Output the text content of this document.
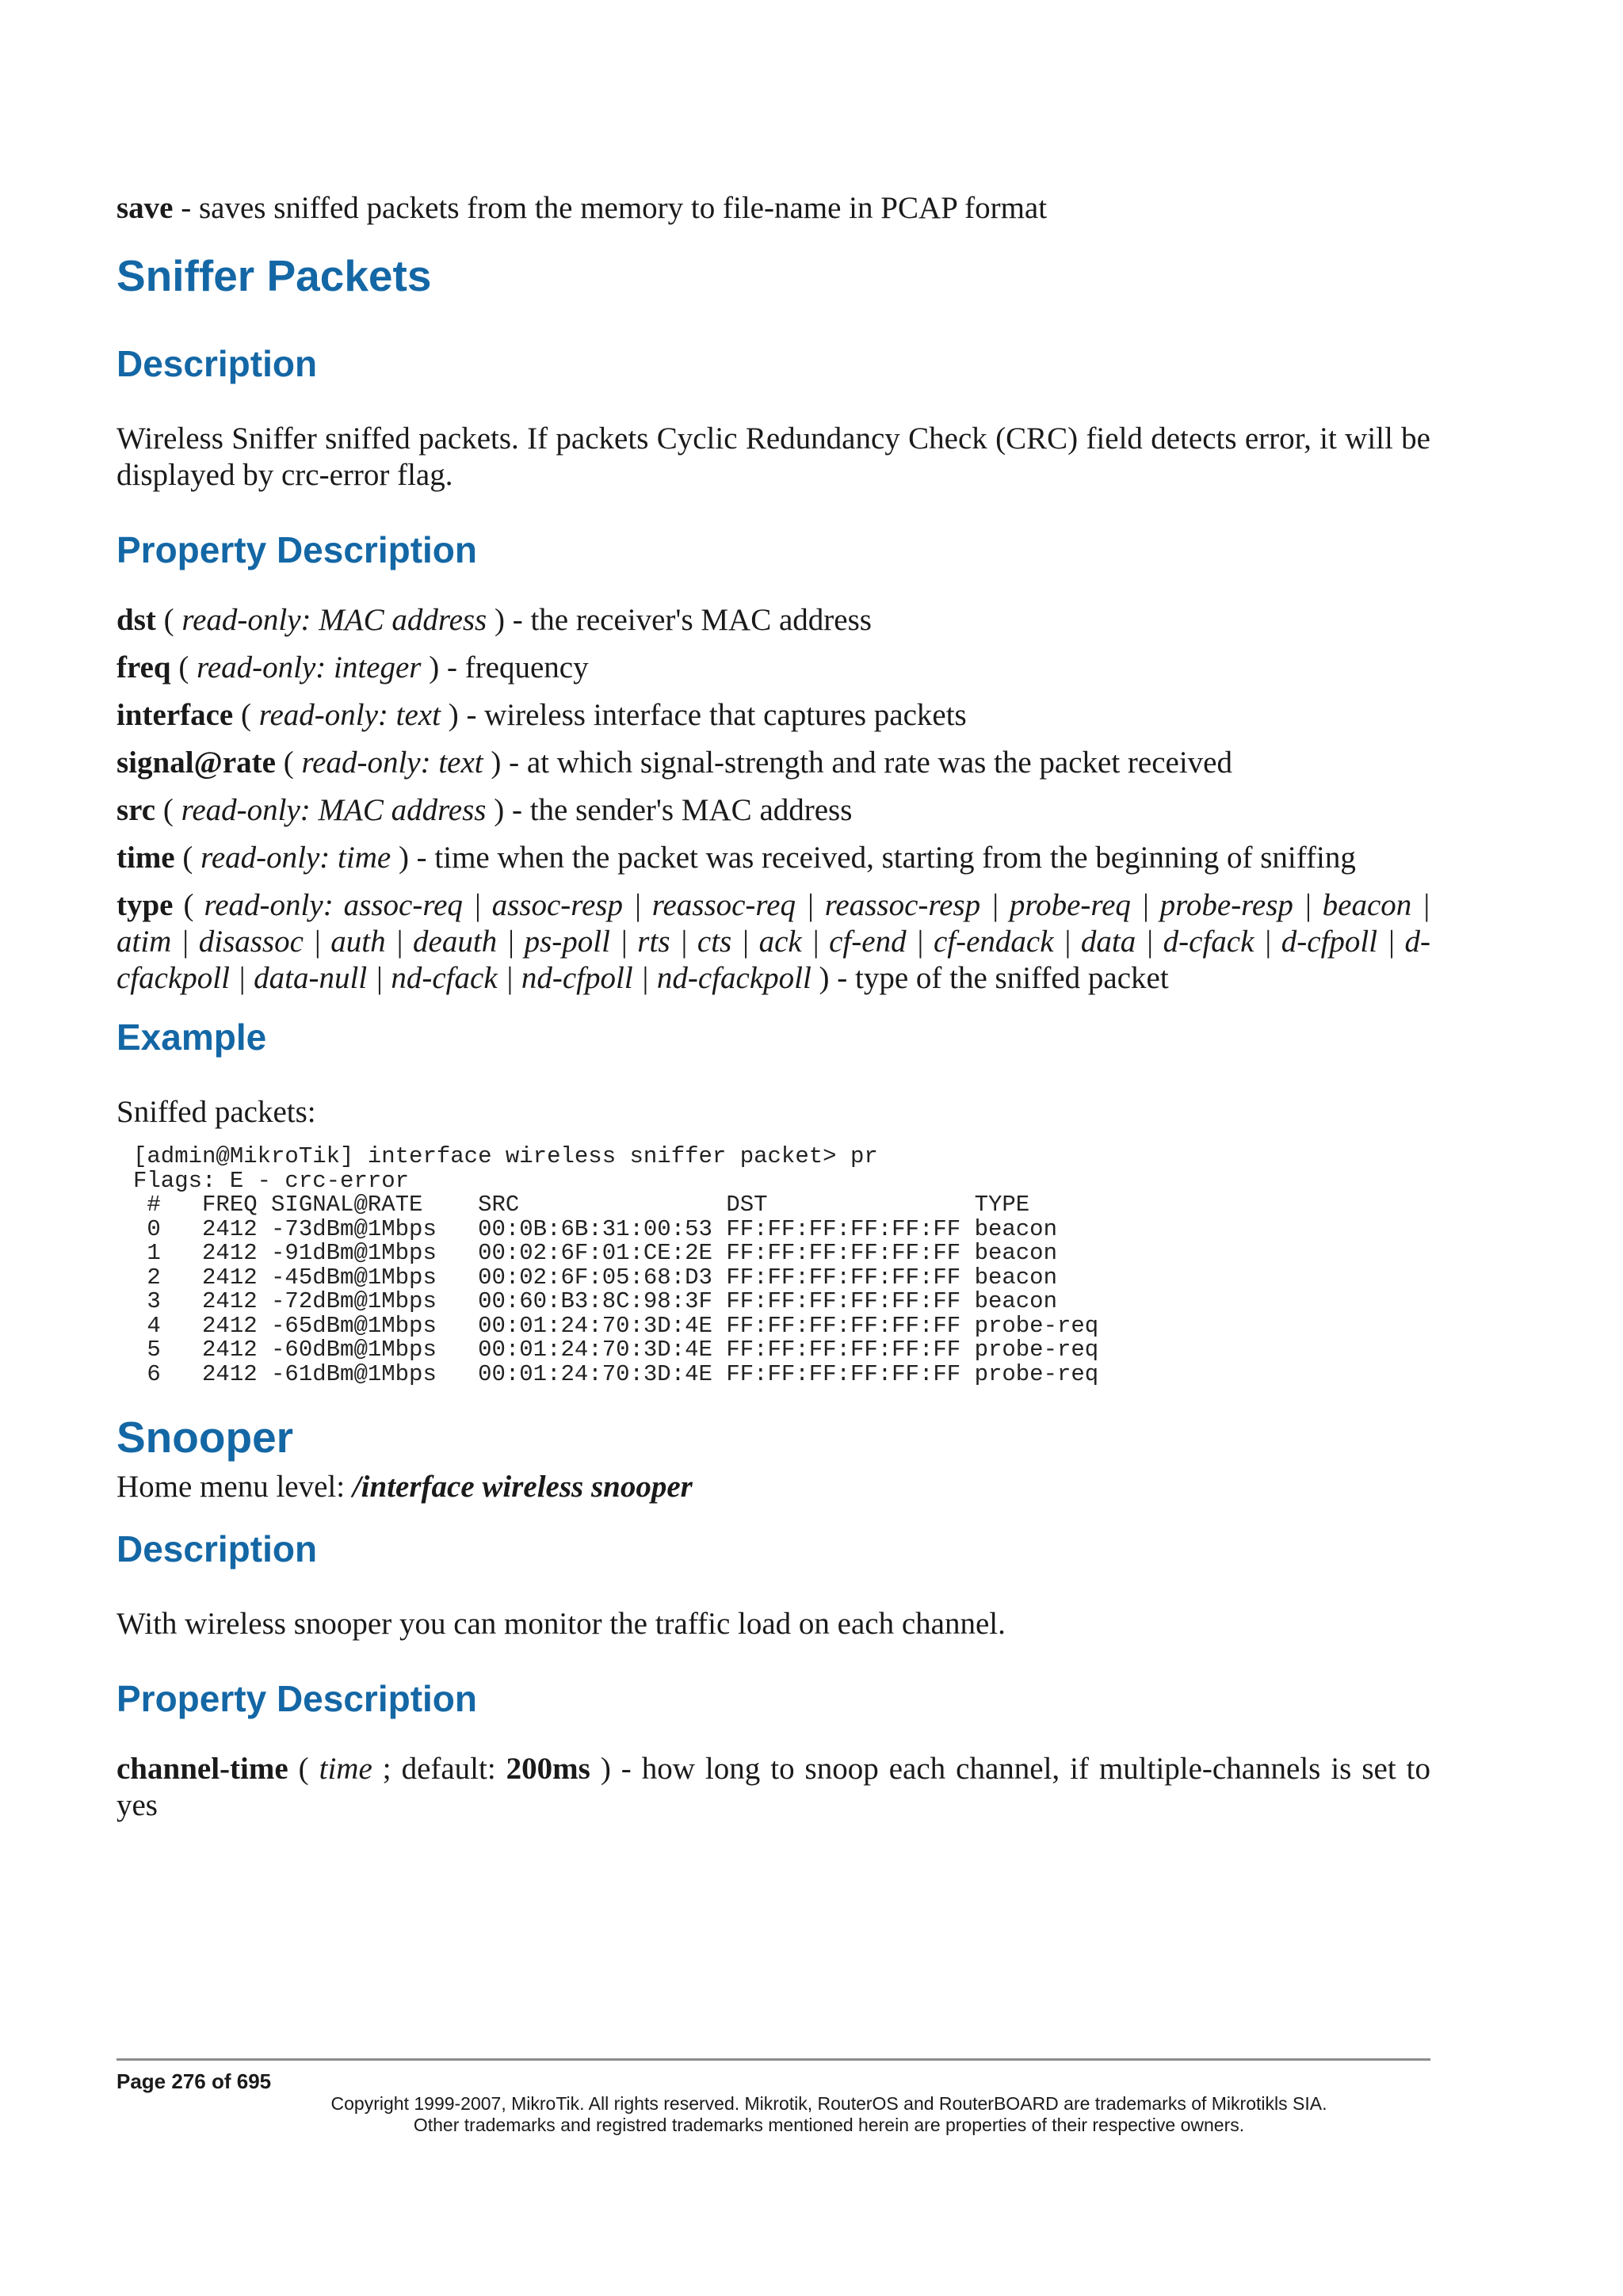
save - saves sniffed packets from the memory to file-name in PCAP format

Sniffer Packets
Description

Wireless Sniffer sniffed packets. If packets Cyclic Redundancy Check (CRC) field detects error, it will be displayed by crc-error flag.

Property Description

dst ( read-only: MAC address ) - the receiver's MAC address

freq ( read-only: integer ) - frequency

interface ( read-only: text ) - wireless interface that captures packets

signal@rate ( read-only: text ) - at which signal-strength and rate was the packet received

src ( read-only: MAC address ) - the sender's MAC address

time ( read-only: time ) - time when the packet was received, starting from the beginning of sniffing

type ( read-only: assoc-req | assoc-resp | reassoc-req | reassoc-resp | probe-req | probe-resp | beacon | atim | disassoc | auth | deauth | ps-poll | rts | cts | ack | cf-end | cf-endack | data | d-cfack | d-cfpoll | d-cfackpoll | data-null | nd-cfack | nd-cfpoll | nd-cfackpoll ) - type of the sniffed packet

Example

Sniffed packets:

[admin@MikroTik] interface wireless sniffer packet> pr
Flags: E - crc-error
#   FREQ SIGNAL@RATE    SRC               DST               TYPE
0   2412 -73dBm@1Mbps   00:0B:6B:31:00:53 FF:FF:FF:FF:FF:FF beacon
1   2412 -91dBm@1Mbps   00:02:6F:01:CE:2E FF:FF:FF:FF:FF:FF beacon
2   2412 -45dBm@1Mbps   00:02:6F:05:68:D3 FF:FF:FF:FF:FF:FF beacon
3   2412 -72dBm@1Mbps   00:60:B3:8C:98:3F FF:FF:FF:FF:FF:FF beacon
4   2412 -65dBm@1Mbps   00:01:24:70:3D:4E FF:FF:FF:FF:FF:FF probe-req
5   2412 -60dBm@1Mbps   00:01:24:70:3D:4E FF:FF:FF:FF:FF:FF probe-req
6   2412 -61dBm@1Mbps   00:01:24:70:3D:4E FF:FF:FF:FF:FF:FF probe-req
Snooper

Home menu level: /interface wireless snooper

Description

With wireless snooper you can monitor the traffic load on each channel.

Property Description

channel-time ( time ; default: 200ms ) - how long to snoop each channel, if multiple-channels is set to yes

Page 276 of 695
Copyright 1999-2007, MikroTik. All rights reserved. Mikrotik, RouterOS and RouterBOARD are trademarks of Mikrotikls SIA.
Other trademarks and registred trademarks mentioned herein are properties of their respective owners.
